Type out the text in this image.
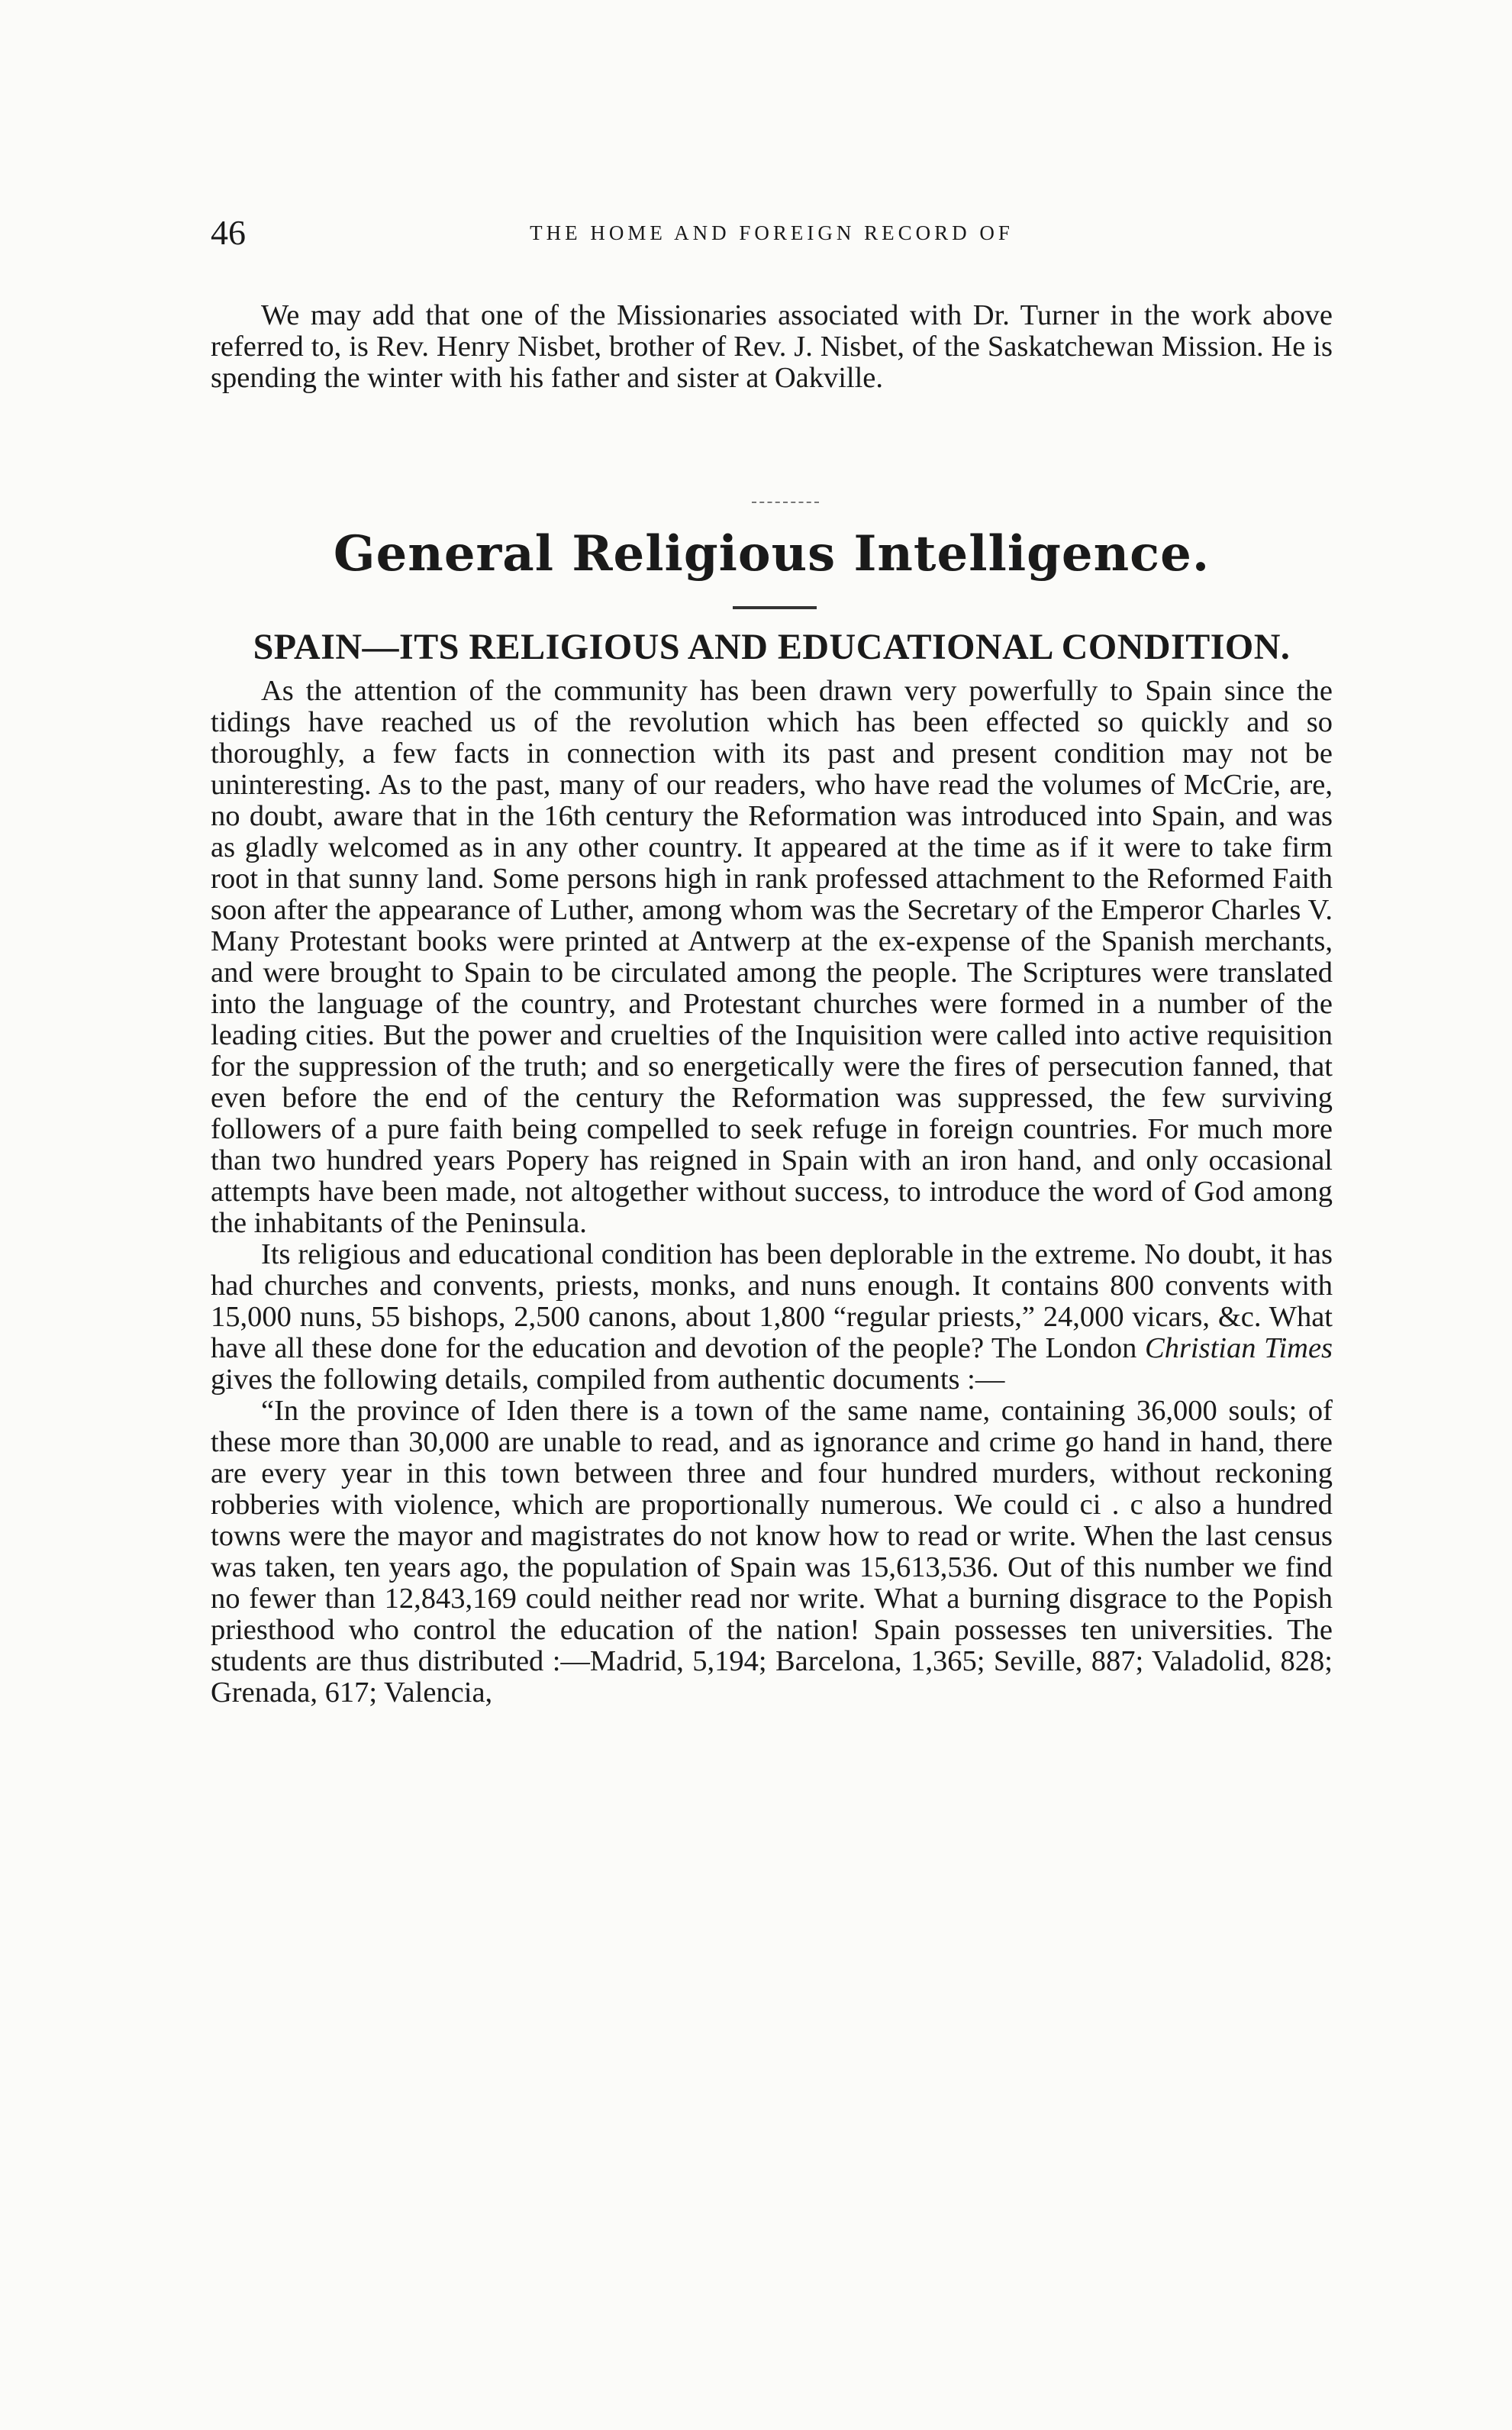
46	THE HOME AND FOREIGN RECORD OF

We may add that one of the Missionaries associated with Dr. Turner in the work above referred to, is Rev. Henry Nisbet, brother of Rev. J. Nisbet, of the Saskatchewan Mission. He is spending the winter with his father and sister at Oakville.

General Religious Intelligence.
SPAIN—ITS RELIGIOUS AND EDUCATIONAL CONDITION.

As the attention of the community has been drawn very powerfully to Spain since the tidings have reached us of the revolution which has been effected so quickly and so thoroughly, a few facts in connection with its past and present condition may not be uninteresting. As to the past, many of our readers, who have read the volumes of McCrie, are, no doubt, aware that in the 16th century the Reformation was introduced into Spain, and was as gladly welcomed as in any other country. It appeared at the time as if it were to take firm root in that sunny land. Some persons high in rank professed attachment to the Reformed Faith soon after the appearance of Luther, among whom was the Secretary of the Emperor Charles V. Many Protestant books were printed at Antwerp at the ex-expense of the Spanish merchants, and were brought to Spain to be circulated among the people. The Scriptures were translated into the language of the country, and Protestant churches were formed in a number of the leading cities. But the power and cruelties of the Inquisition were called into active requisition for the suppression of the truth; and so energetically were the fires of persecution fanned, that even before the end of the century the Reformation was suppressed, the few surviving followers of a pure faith being compelled to seek refuge in foreign countries. For much more than two hundred years Popery has reigned in Spain with an iron hand, and only occasional attempts have been made, not altogether without success, to introduce the word of God among the inhabitants of the Peninsula.

Its religious and educational condition has been deplorable in the extreme. No doubt, it has had churches and convents, priests, monks, and nuns enough. It contains 800 convents with 15,000 nuns, 55 bishops, 2,500 canons, about 1,800 “regular priests,” 24,000 vicars, &c. What have all these done for the education and devotion of the people? The London Christian Times gives the following details, compiled from authentic documents :—

“In the province of Iden there is a town of the same name, containing 36,000 souls; of these more than 30,000 are unable to read, and as ignorance and crime go hand in hand, there are every year in this town between three and four hundred murders, without reckoning robberies with violence, which are proportionally numerous. We could ci . c also a hundred towns were the mayor and magistrates do not know how to read or write. When the last census was taken, ten years ago, the population of Spain was 15,613,536. Out of this number we find no fewer than 12,843,169 could neither read nor write. What a burning disgrace to the Popish priesthood who control the education of the nation! Spain possesses ten universities. The students are thus distributed :—Madrid, 5,194; Barcelona, 1,365; Seville, 887; Valadolid, 828; Grenada, 617; Valencia,
